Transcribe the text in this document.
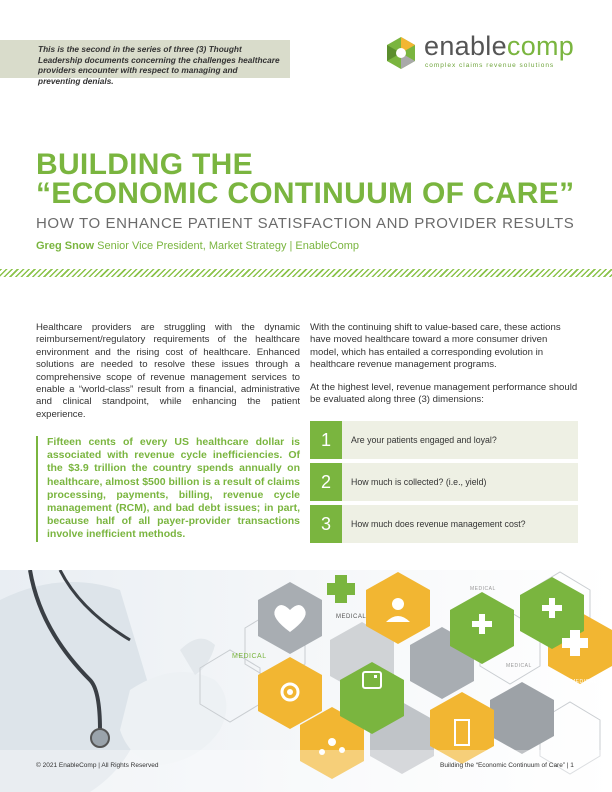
This is the second in the series of three (3) Thought Leadership documents concerning the challenges healthcare providers encounter with respect to managing and preventing denials.

enablecomp
complex claims revenue solutions
BUILDING THE
“ECONOMIC CONTINUUM OF CARE”
HOW TO ENHANCE PATIENT SATISFACTION AND PROVIDER RESULTS
Greg Snow Senior Vice President, Market Strategy | EnableComp

Healthcare providers are struggling with the dynamic reimbursement/regulatory requirements of the healthcare environment and the rising cost of healthcare. Enhanced solutions are needed to resolve these issues through a comprehensive scope of revenue management services to enable a “world-class” result from a financial, administrative and clinical standpoint, while enhancing the patient experience.

Fifteen cents of every US healthcare dollar is associated with revenue cycle inefficiencies. Of the $3.9 trillion the country spends annually on healthcare, almost $500 billion is a result of claims processing, payments, billing, revenue cycle management (RCM), and bad debt issues; in part, because half of all payer-provider transactions involve inefficient methods.

With the continuing shift to value-based care, these actions have moved healthcare toward a more consumer driven model, which has entailed a corresponding evolution in healthcare revenue management programs.

At the highest level, revenue management performance should be evaluated along three (3) dimensions:

1	Are your patients engaged and loyal?
2	How much is collected? (i.e., yield)
3	How much does revenue management cost?
MEDICAL
MEDICAL
MEDICAL
MEDICAL
MEDICAL
© 2021 EnableComp | All Rights Reserved	Building the “Economic Continuum of Care” | 1
